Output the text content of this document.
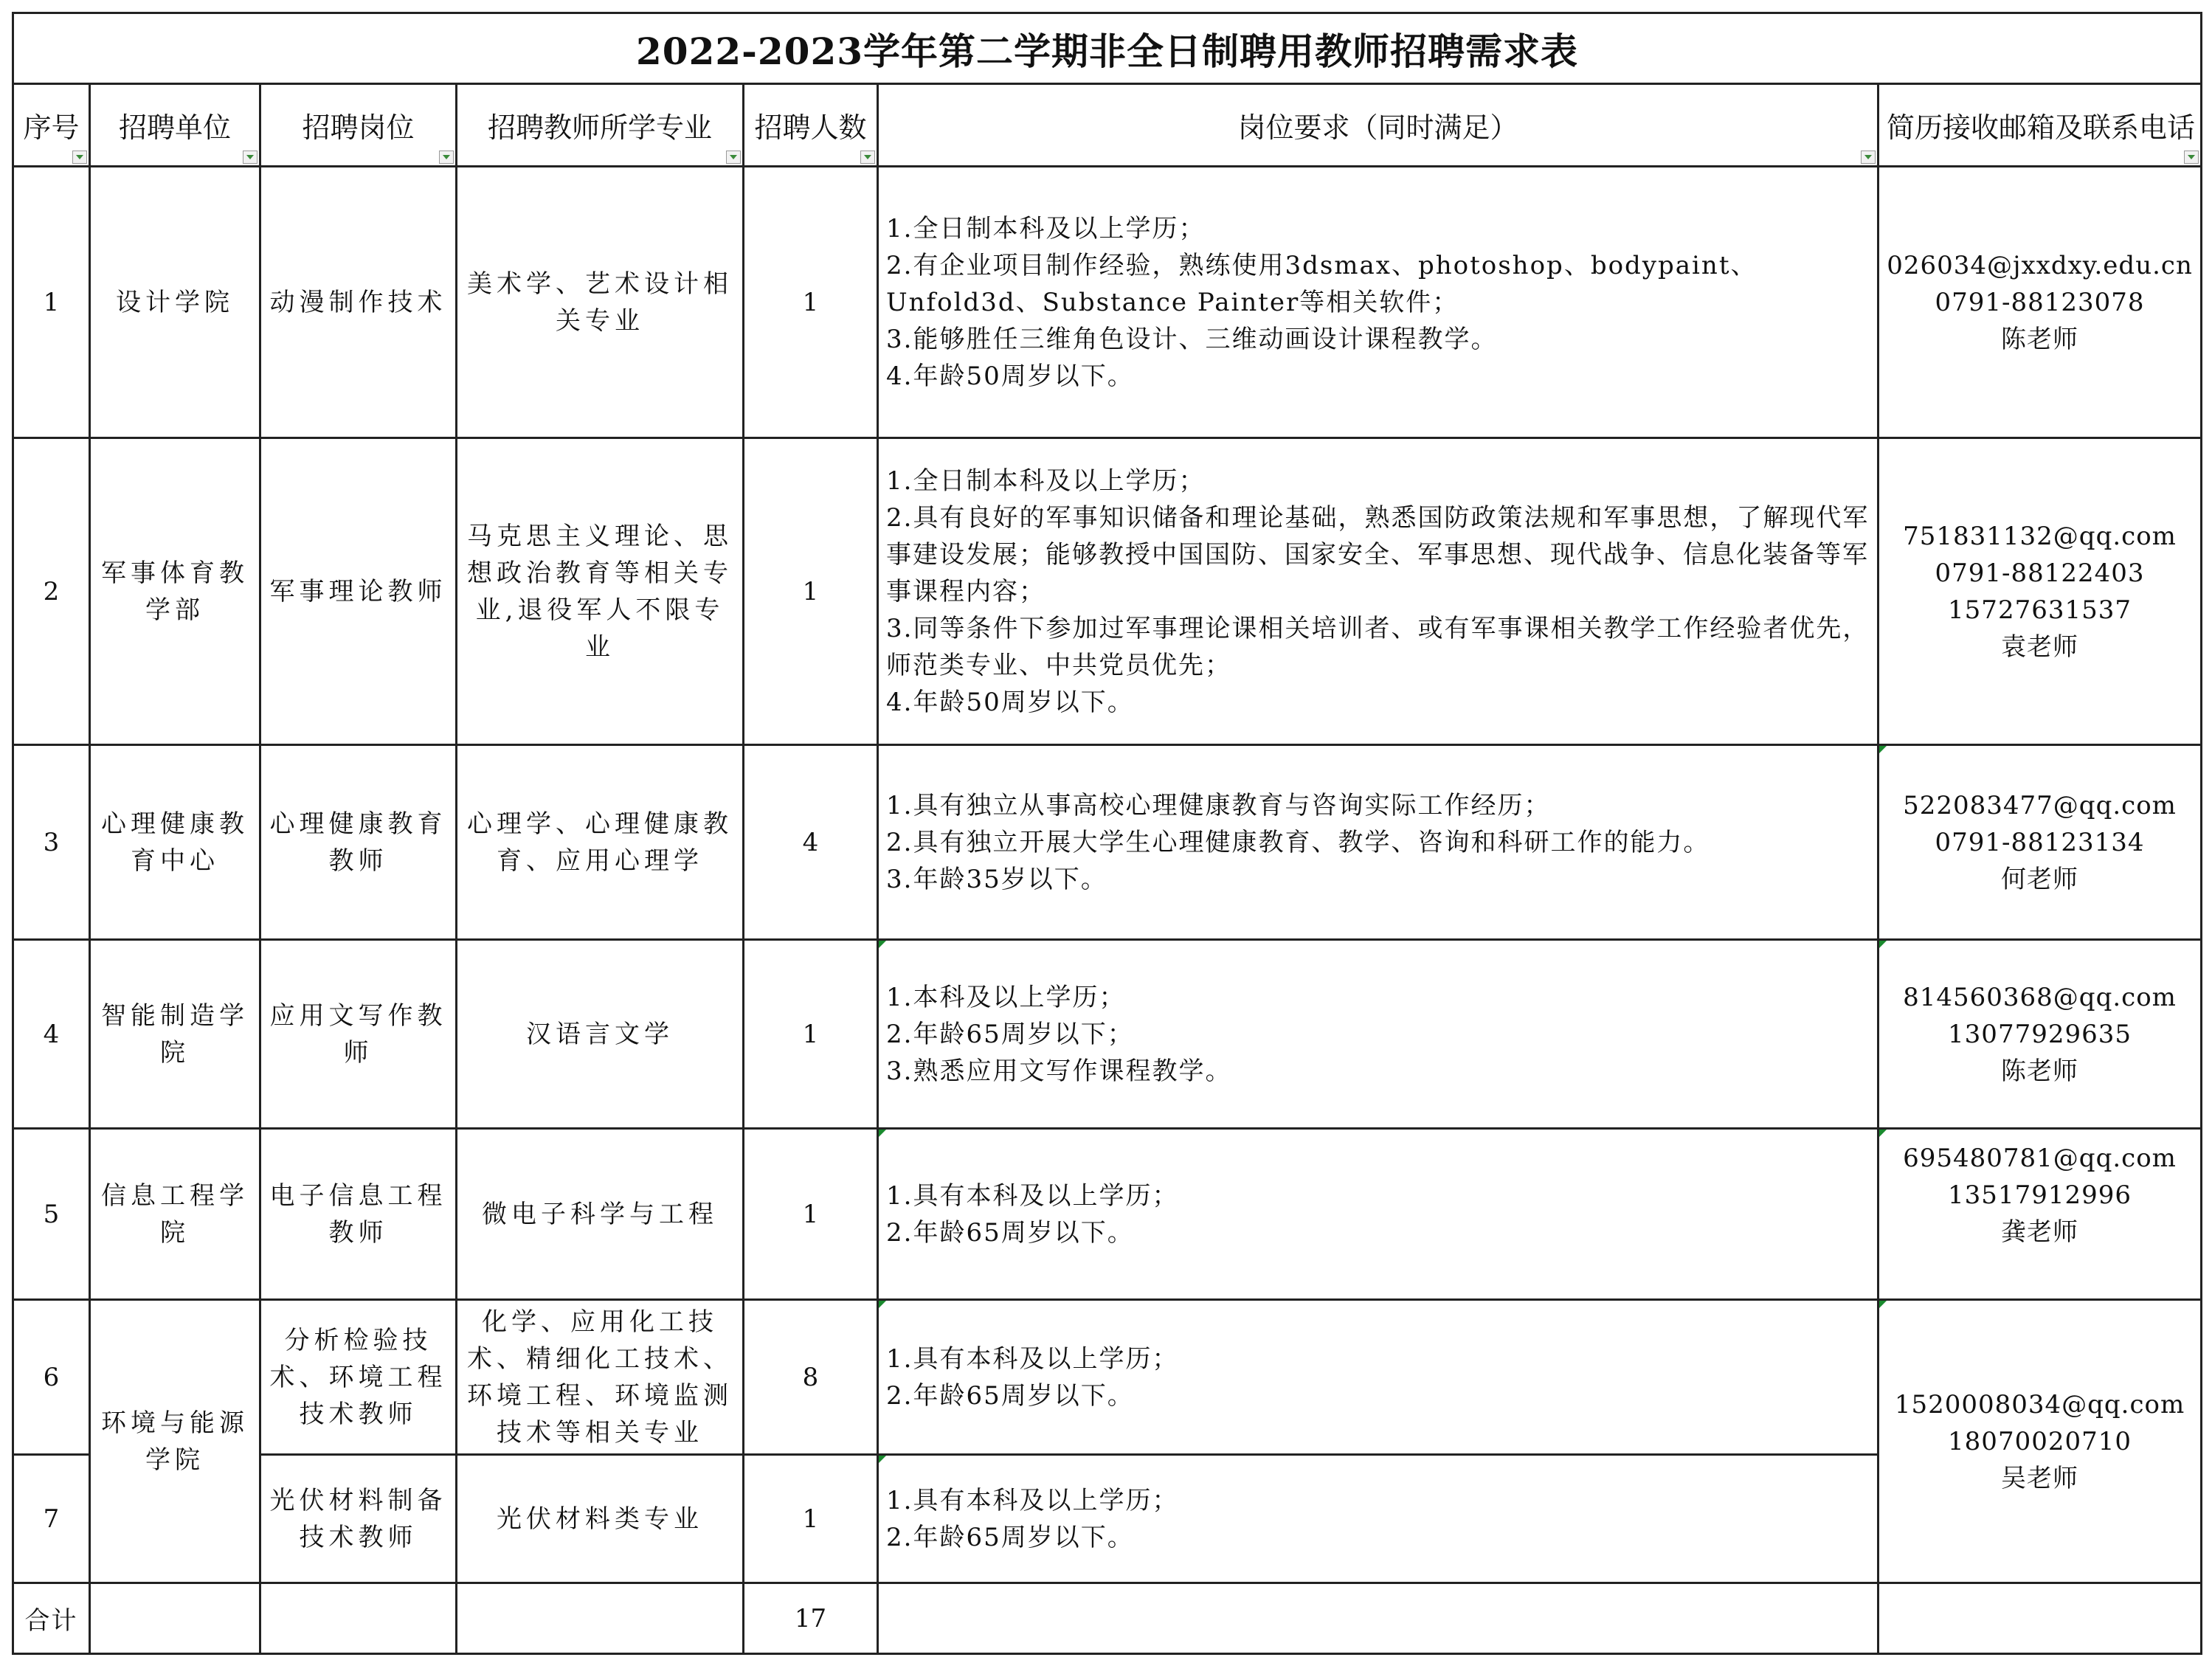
2022-2023学年第二学期非全日制聘用教师招聘需求表						
序号	招聘单位	招聘岗位	招聘教师所学专业	招聘人数	岗位要求（同时满足）	简历接收邮箱及联系电话

1	设计学院	动漫制作技术	美术学、艺术设计相关专业	1	1.全日制本科及以上学历；
2.有企业项目制作经验，熟练使用3dsmax、photoshop、bodypaint、Unfold3d、Substance Painter等相关软件；
3.能够胜任三维角色设计、三维动画设计课程教学。
4.年龄50周岁以下。	026034@jxxdxy.edu.cn
0791-88123078
陈老师

2	军事体育教学部	军事理论教师	马克思主义理论、思想政治教育等相关专业,退役军人不限专业	1	1.全日制本科及以上学历；
2.具有良好的军事知识储备和理论基础，熟悉国防政策法规和军事思想，了解现代军事建设发展；能够教授中国国防、国家安全、军事思想、现代战争、信息化装备等军事课程内容；
3.同等条件下参加过军事理论课相关培训者、或有军事课相关教学工作经验者优先，师范类专业、中共党员优先；
4.年龄50周岁以下。	751831132@qq.com
0791-88122403
15727631537
袁老师

3	心理健康教育中心	心理健康教育教师	心理学、心理健康教育、应用心理学	4	1.具有独立从事高校心理健康教育与咨询实际工作经历；
2.具有独立开展大学生心理健康教育、教学、咨询和科研工作的能力。
3.年龄35岁以下。	522083477@qq.com
0791-88123134
何老师

4	智能制造学院	应用文写作教师	汉语言文学	1	1.本科及以上学历；
2.年龄65周岁以下；
3.熟悉应用文写作课程教学。	814560368@qq.com
13077929635
陈老师

5	信息工程学院	电子信息工程教师	微电子科学与工程	1	1.具有本科及以上学历；
2.年龄65周岁以下。	695480781@qq.com
13517912996
龚老师

6	环境与能源学院	分析检验技术、环境工程技术教师	化学、应用化工技术、精细化工技术、环境工程、环境监测技术等相关专业	8	1.具有本科及以上学历；
2.年龄65周岁以下。	1520008034@qq.com
18070020710
吴老师

7		光伏材料制备技术教师	光伏材料类专业	1	1.具有本科及以上学历；
2.年龄65周岁以下。	

合计				17		
